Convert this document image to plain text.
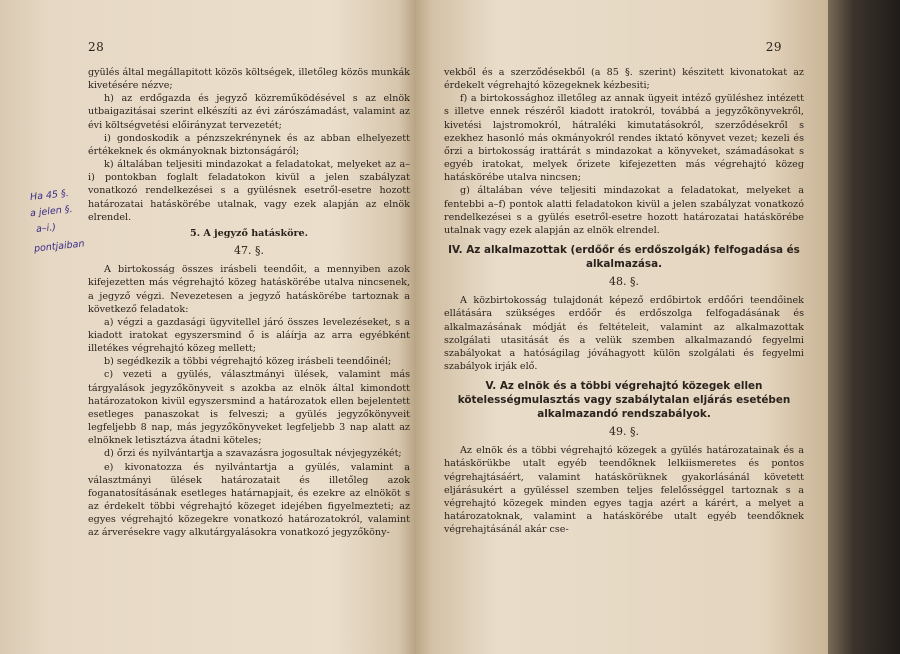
28

gyülés által megállapitott közös költségek, illetőleg közös munkák kivetésére nézve;

h) az erdőgazda és jegyző közreműködésével s az elnök utbaigazitásai szerint elkészíti az évi zárószámadást, valamint az évi költségvetési előirányzat tervezetét;

i) gondoskodik a pénzszekrénynek és az abban elhelyezett értékeknek és okmányoknak biztonságáról;

k) általában teljesiti mindazokat a feladatokat, melyeket az a–i) pontokban foglalt feladatokon kivül a jelen szabályzat vonatkozó rendelkezései s a gyülésnek esetről-esetre hozott határozatai hatáskörébe utalnak, vagy ezek alapján az elnök elrendel.

5. A jegyző hatásköre.
47. §.

A birtokosság összes irásbeli teendőit, a mennyiben azok kifejezetten más végrehajtó közeg hatáskörébe utalva nincsenek, a jegyző végzi. Nevezetesen a jegyző hatáskörébe tartoznak a következő feladatok:

a) végzi a gazdasági ügyvitellel járó összes levelezéseket, s a kiadott iratokat egyszersmind ő is aláírja az arra egyébként illetékes végrehajtó közeg mellett;

b) segédkezik a többi végrehajtó közeg irásbeli teendőinél;

c) vezeti a gyülés, választmányi ülések, valamint más tárgyalások jegyzőkönyveit s azokba az elnök által kimondott határozatokon kivül egyszersmind a határozatok ellen bejelentett esetleges panaszokat is felveszi; a gyülés jegyzőkönyveit legfeljebb 8 nap, más jegyzőkönyveket legfeljebb 3 nap alatt az elnöknek letisztázva átadni köteles;

d) őrzi és nyilvántartja a szavazásra jogosultak névjegyzékét;

e) kivonatozza és nyilvántartja a gyülés, valamint a választmányi ülések határozatait és illetőleg azok foganatosításának esetleges határnapjait, és ezekre az elnököt s az érdekelt többi végrehajtó közeget idejében figyelmezteti; az egyes végrehajtó közegekre vonatkozó határozatokról, valamint az árverésekre vagy alkutárgyalásokra vonatkozó jegyzőköny-

Ha 45 §.
a jelen §.
a–i.)
pontjaiban
29

vekből és a szerződésekből (a 85 §. szerint) készitett kivonatokat az érdekelt végrehajtó közegeknek kézbesiti;

f) a birtokossághoz illetőleg az annak ügyeit intéző gyüléshez intézett s illetve ennek részéről kiadott iratokról, továbbá a jegyzőkönyvekről, kivetési lajstromokról, hátraléki kimutatásokról, szerződésekről s ezekhez hasonló más okmányokról rendes iktató könyvet vezet; kezeli és őrzi a birtokosság irattárát s mindazokat a könyveket, számadásokat s egyéb iratokat, melyek őrizete kifejezetten más végrehajtó közeg hatáskörébe utalva nincsen;

g) általában véve teljesiti mindazokat a feladatokat, melyeket a fentebbi a–f) pontok alatti feladatokon kivül a jelen szabályzat vonatkozó rendelkezései s a gyülés esetről-esetre hozott határozatai hatáskörébe utalnak vagy ezek alapján az elnök elrendel.

IV. Az alkalmazottak (erdőőr és erdőszolgák) felfogadása és alkalmazása.
48. §.

A közbirtokosság tulajdonát képező erdőbirtok erdőőri teendőinek ellátására szükséges erdőőr és erdőszolga felfogadásának és alkalmazásának módját és feltételeit, valamint az alkalmazottak szolgálati utasitását és a velük szemben alkalmazandó fegyelmi szabályokat a hatóságilag jóváhagyott külön szolgálati és fegyelmi szabályok irják elő.

V. Az elnök és a többi végrehajtó közegek ellen kötelességmulasztás vagy szabálytalan eljárás esetében alkalmazandó rendszabályok.
49. §.

Az elnök és a többi végrehajtó közegek a gyülés határozatainak és a hatáskörükbe utalt egyéb teendőknek lelkiismeretes és pontos végrehajtásáért, valamint hatáskörüknek gyakorlásánál követett eljárásukért a gyüléssel szemben teljes felelősséggel tartoznak s a végrehajtó közegek minden egyes tagja azért a kárért, a melyet a határozatoknak, valamint a hatáskörébe utalt egyéb teendőknek végrehajtásánál akár cse-
